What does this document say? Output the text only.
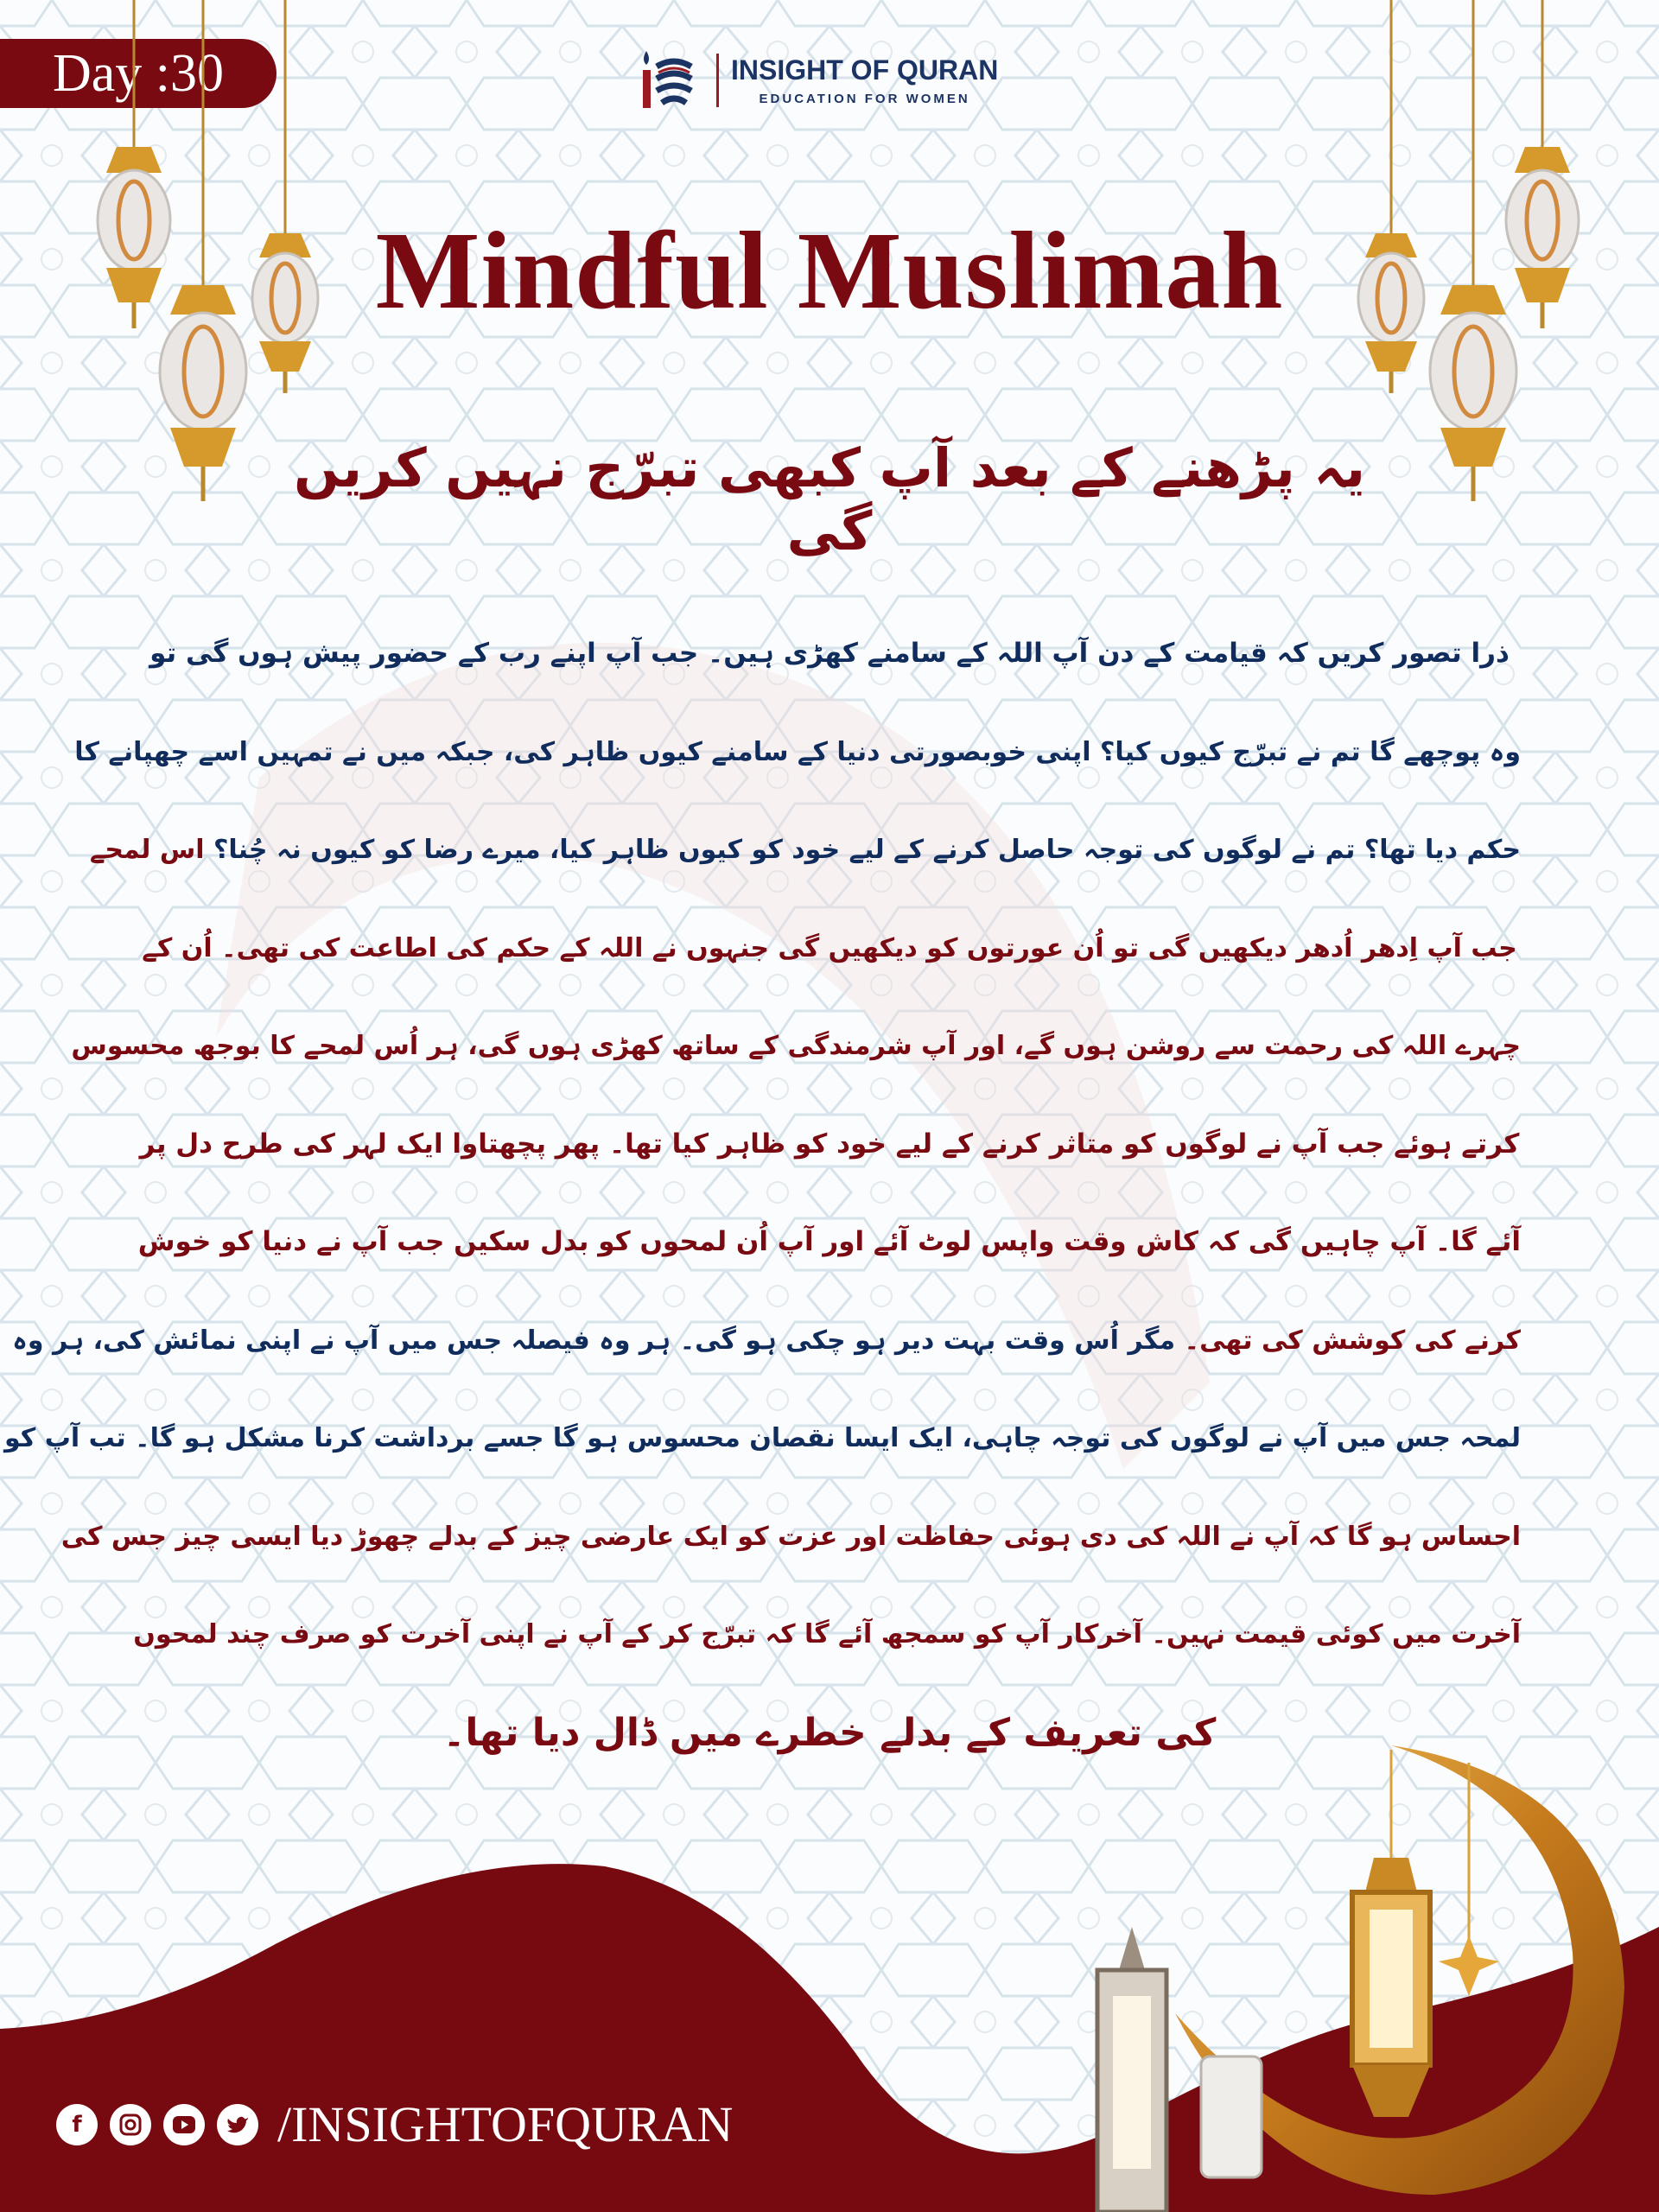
Day :30	INSIGHT OF QURAN
EDUCATION FOR WOMEN
Mindful Muslimah
یہ پڑھنے کے بعد آپ کبھی تبرّج نہیں کریں گی
ذرا تصور کریں کہ قیامت کے دن آپ اللہ کے سامنے کھڑی ہیں۔ جب آپ اپنے رب کے حضور پیش ہوں گی تو
وہ پوچھے گا تم نے تبرّج کیوں کیا؟ اپنی خوبصورتی دنیا کے سامنے کیوں ظاہر کی، جبکہ میں نے تمہیں اسے چھپانے کا
حکم دیا تھا؟ تم نے لوگوں کی توجہ حاصل کرنے کے لیے خود کو کیوں ظاہر کیا، میرے رضا کو کیوں نہ چُنا؟ اس لمحے
جب آپ اِدھر اُدھر دیکھیں گی تو اُن عورتوں کو دیکھیں گی جنہوں نے اللہ کے حکم کی اطاعت کی تھی۔ اُن کے
چہرے اللہ کی رحمت سے روشن ہوں گے، اور آپ شرمندگی کے ساتھ کھڑی ہوں گی، ہر اُس لمحے کا بوجھ محسوس
کرتے ہوئے جب آپ نے لوگوں کو متاثر کرنے کے لیے خود کو ظاہر کیا تھا۔ پھر پچھتاوا ایک لہر کی طرح دل پر
آئے گا۔ آپ چاہیں گی کہ کاش وقت واپس لوٹ آئے اور آپ اُن لمحوں کو بدل سکیں جب آپ نے دنیا کو خوش
کرنے کی کوشش کی تھی۔ مگر اُس وقت بہت دیر ہو چکی ہو گی۔ ہر وہ فیصلہ جس میں آپ نے اپنی نمائش کی، ہر وہ
لمحہ جس میں آپ نے لوگوں کی توجہ چاہی، ایک ایسا نقصان محسوس ہو گا جسے برداشت کرنا مشکل ہو گا۔ تب آپ کو
احساس ہو گا کہ آپ نے اللہ کی دی ہوئی حفاظت اور عزت کو ایک عارضی چیز کے بدلے چھوڑ دیا ایسی چیز جس کی
آخرت میں کوئی قیمت نہیں۔ آخرکار آپ کو سمجھ آئے گا کہ تبرّج کر کے آپ نے اپنی آخرت کو صرف چند لمحوں
کی تعریف کے بدلے خطرے میں ڈال دیا تھا۔
f	/INSIGHTOFQURAN
